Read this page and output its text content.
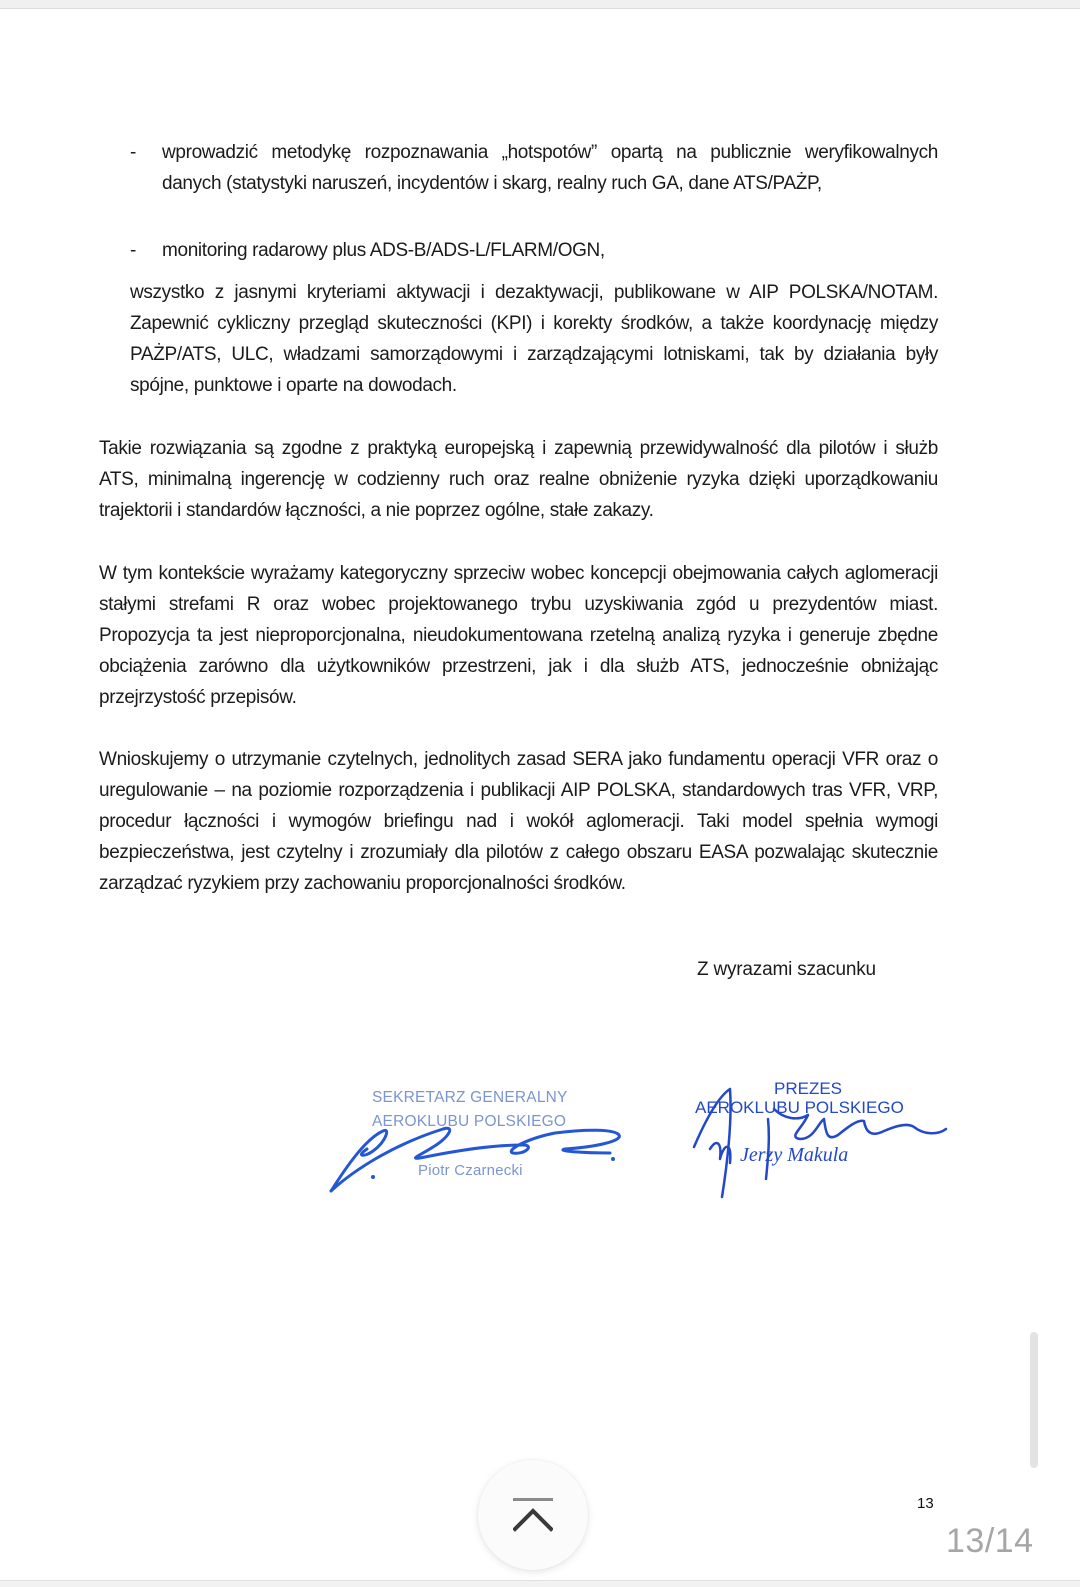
-	wprowadzić metodykę rozpoznawania „hotspotów” opartą na publicznie weryfikowalnych danych (statystyki naruszeń, incydentów i skarg, realny ruch GA, dane ATS/PAŻP,
-	monitoring radarowy plus ADS-B/ADS-L/FLARM/OGN,
wszystko z jasnymi kryteriami aktywacji i dezaktywacji, publikowane w AIP POLSKA/NOTAM. Zapewnić cykliczny przegląd skuteczności (KPI) i korekty środków, a także koordynację między PAŻP/ATS, ULC, władzami samorządowymi i zarządzającymi lotniskami, tak by działania były spójne, punktowe i oparte na dowodach.
Takie rozwiązania są zgodne z praktyką europejską i zapewnią przewidywalność dla pilotów i służb ATS, minimalną ingerencję w codzienny ruch oraz realne obniżenie ryzyka dzięki uporządkowaniu trajektorii i standardów łączności, a nie poprzez ogólne, stałe zakazy.
W tym kontekście wyrażamy kategoryczny sprzeciw wobec koncepcji obejmowania całych aglomeracji stałymi strefami R oraz wobec projektowanego trybu uzyskiwania zgód u prezydentów miast. Propozycja ta jest nieproporcjonalna, nieudokumentowana rzetelną analizą ryzyka i generuje zbędne obciążenia zarówno dla użytkowników przestrzeni, jak i dla służb ATS, jednocześnie obniżając przejrzystość przepisów.
Wnioskujemy o utrzymanie czytelnych, jednolitych zasad SERA jako fundamentu operacji VFR oraz o uregulowanie – na poziomie rozporządzenia i publikacji AIP POLSKA, standardowych tras VFR, VRP, procedur łączności i wymogów briefingu nad i wokół aglomeracji. Taki model spełnia wymogi bezpieczeństwa, jest czytelny i zrozumiały dla pilotów z całego obszaru EASA pozwalając skutecznie zarządzać ryzykiem przy zachowaniu proporcjonalności środków.
Z wyrazami szacunku
SEKRETARZ GENERALNY
AEROKLUBU POLSKIEGO
Piotr Czarnecki
PREZES
AEROKLUBU POLSKIEGO
Jerzy Makula
13
13/14
